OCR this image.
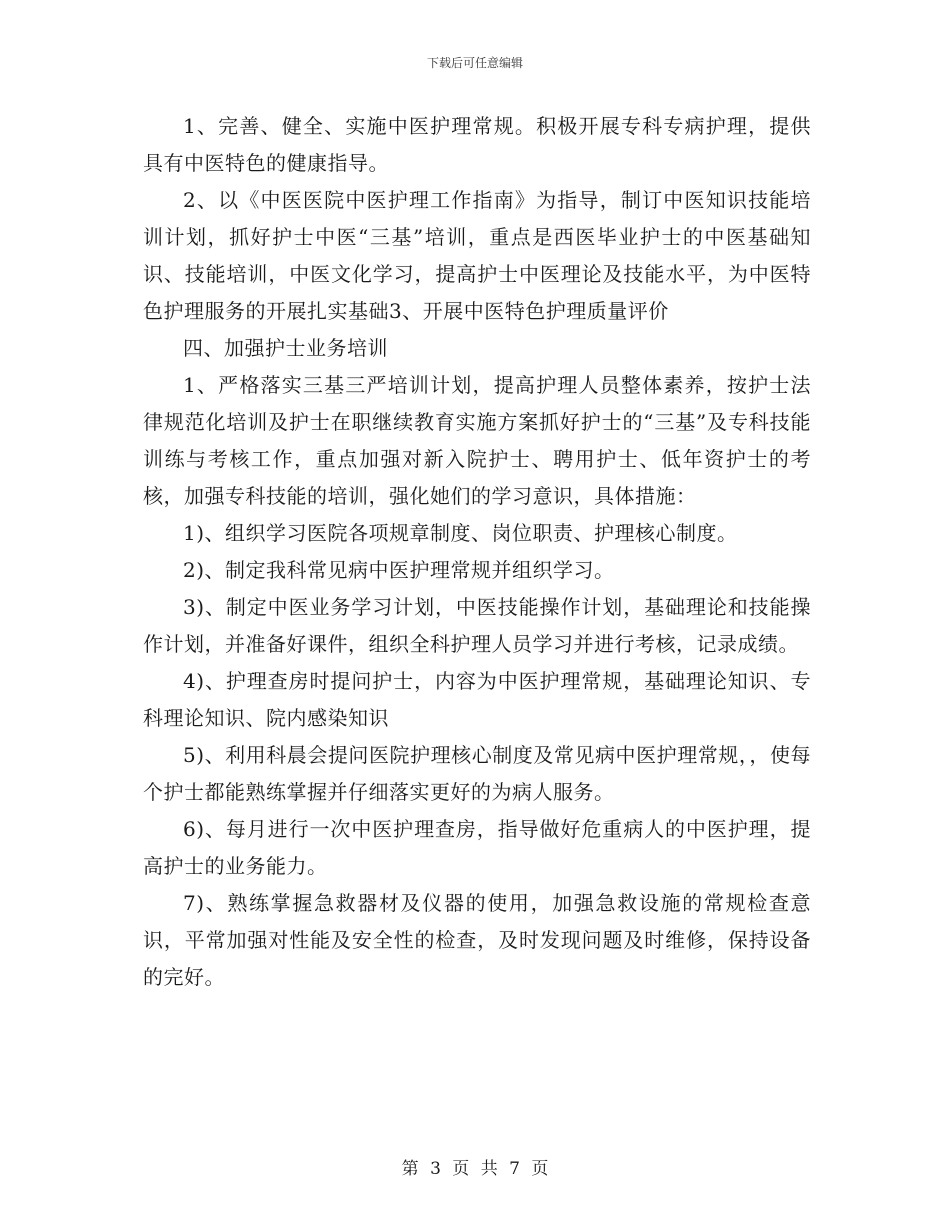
下载后可任意编辑

1、完善、健全、实施中医护理常规。积极开展专科专病护理，提供具有中医特色的健康指导。

2、以《中医医院中医护理工作指南》为指导，制订中医知识技能培训计划，抓好护士中医“三基”培训，重点是西医毕业护士的中医基础知识、技能培训，中医文化学习，提高护士中医理论及技能水平，为中医特色护理服务的开展扎实基础3、开展中医特色护理质量评价

四、加强护士业务培训

1、严格落实三基三严培训计划，提高护理人员整体素养，按护士法律规范化培训及护士在职继续教育实施方案抓好护士的“三基”及专科技能训练与考核工作，重点加强对新入院护士、聘用护士、低年资护士的考核，加强专科技能的培训，强化她们的学习意识，具体措施：

1)、组织学习医院各项规章制度、岗位职责、护理核心制度。

2)、制定我科常见病中医护理常规并组织学习。

3)、制定中医业务学习计划，中医技能操作计划，基础理论和技能操作计划，并准备好课件，组织全科护理人员学习并进行考核，记录成绩。

4)、护理查房时提问护士，内容为中医护理常规，基础理论知识、专科理论知识、院内感染知识

5)、利用科晨会提问医院护理核心制度及常见病中医护理常规，，使每个护士都能熟练掌握并仔细落实更好的为病人服务。

6)、每月进行一次中医护理查房，指导做好危重病人的中医护理，提高护士的业务能力。

7)、熟练掌握急救器材及仪器的使用，加强急救设施的常规检查意识，平常加强对性能及安全性的检查，及时发现问题及时维修，保持设备的完好。

第 3 页 共 7 页
